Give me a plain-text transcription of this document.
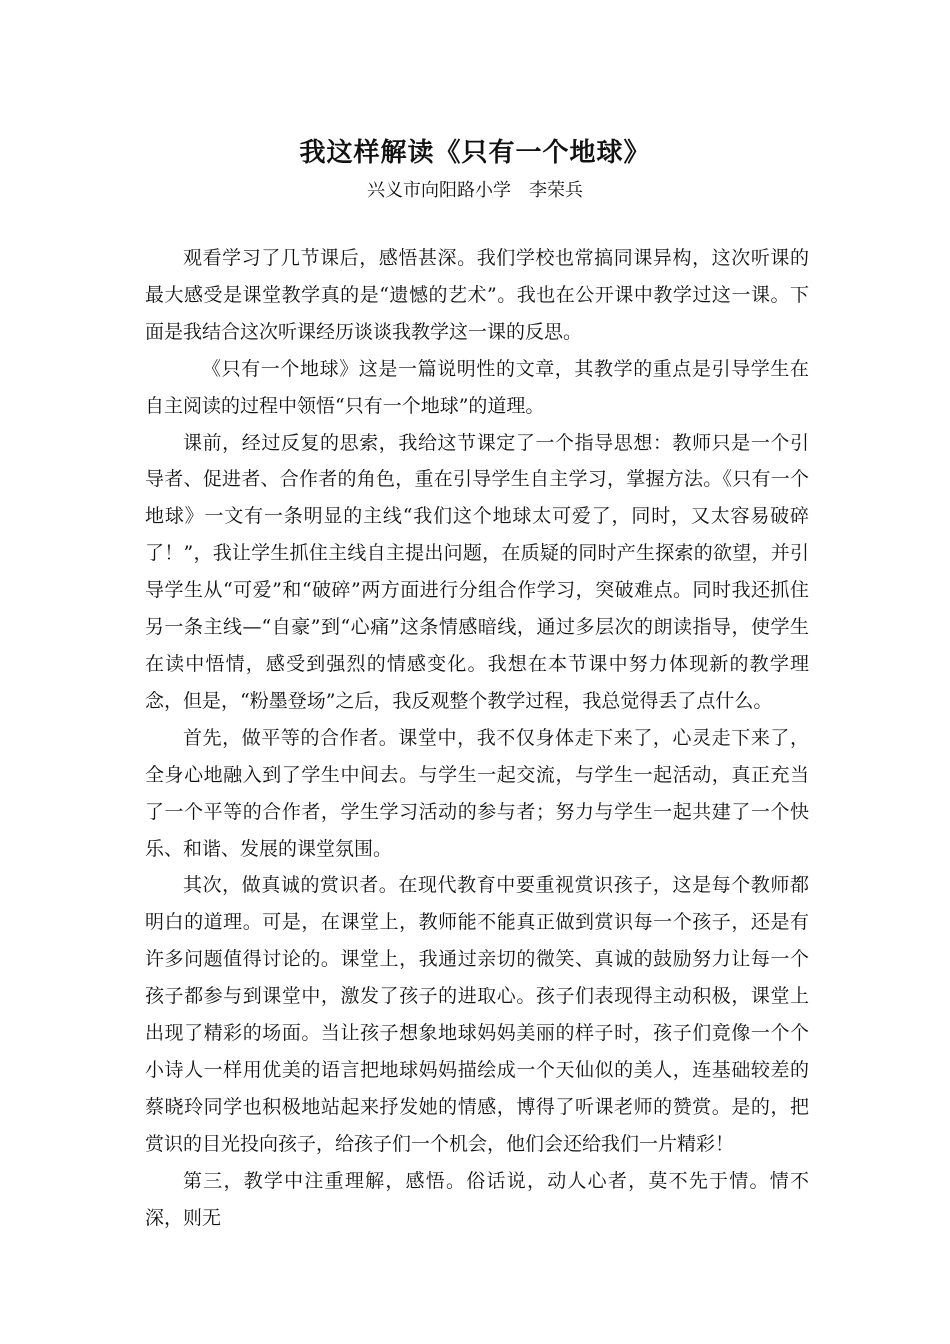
我这样解读《只有一个地球》
兴义市向阳路小学 李荣兵

观看学习了几节课后，感悟甚深。我们学校也常搞同课异构，这次听课的最大感受是课堂教学真的是“遗憾的艺术”。我也在公开课中教学过这一课。下面是我结合这次听课经历谈谈我教学这一课的反思。

《只有一个地球》这是一篇说明性的文章，其教学的重点是引导学生在自主阅读的过程中领悟“只有一个地球”的道理。

课前，经过反复的思索，我给这节课定了一个指导思想：教师只是一个引导者、促进者、合作者的角色，重在引导学生自主学习，掌握方法。《只有一个地球》一文有一条明显的主线“我们这个地球太可爱了，同时，又太容易破碎了！”，我让学生抓住主线自主提出问题，在质疑的同时产生探索的欲望，并引导学生从“可爱”和“破碎”两方面进行分组合作学习，突破难点。同时我还抓住另一条主线—“自豪”到“心痛”这条情感暗线，通过多层次的朗读指导，使学生在读中悟情，感受到强烈的情感变化。我想在本节课中努力体现新的教学理念，但是，“粉墨登场”之后，我反观整个教学过程，我总觉得丢了点什么。

首先，做平等的合作者。课堂中，我不仅身体走下来了，心灵走下来了，全身心地融入到了学生中间去。与学生一起交流，与学生一起活动，真正充当了一个平等的合作者，学生学习活动的参与者；努力与学生一起共建了一个快乐、和谐、发展的课堂氛围。

其次，做真诚的赏识者。在现代教育中要重视赏识孩子，这是每个教师都明白的道理。可是，在课堂上，教师能不能真正做到赏识每一个孩子，还是有许多问题值得讨论的。课堂上，我通过亲切的微笑、真诚的鼓励努力让每一个孩子都参与到课堂中，激发了孩子的进取心。孩子们表现得主动积极，课堂上出现了精彩的场面。当让孩子想象地球妈妈美丽的样子时，孩子们竟像一个个小诗人一样用优美的语言把地球妈妈描绘成一个天仙似的美人，连基础较差的蔡晓玲同学也积极地站起来抒发她的情感，博得了听课老师的赞赏。是的，把赏识的目光投向孩子，给孩子们一个机会，他们会还给我们一片精彩！

第三，教学中注重理解，感悟。俗话说，动人心者，莫不先于情。情不深，则无
